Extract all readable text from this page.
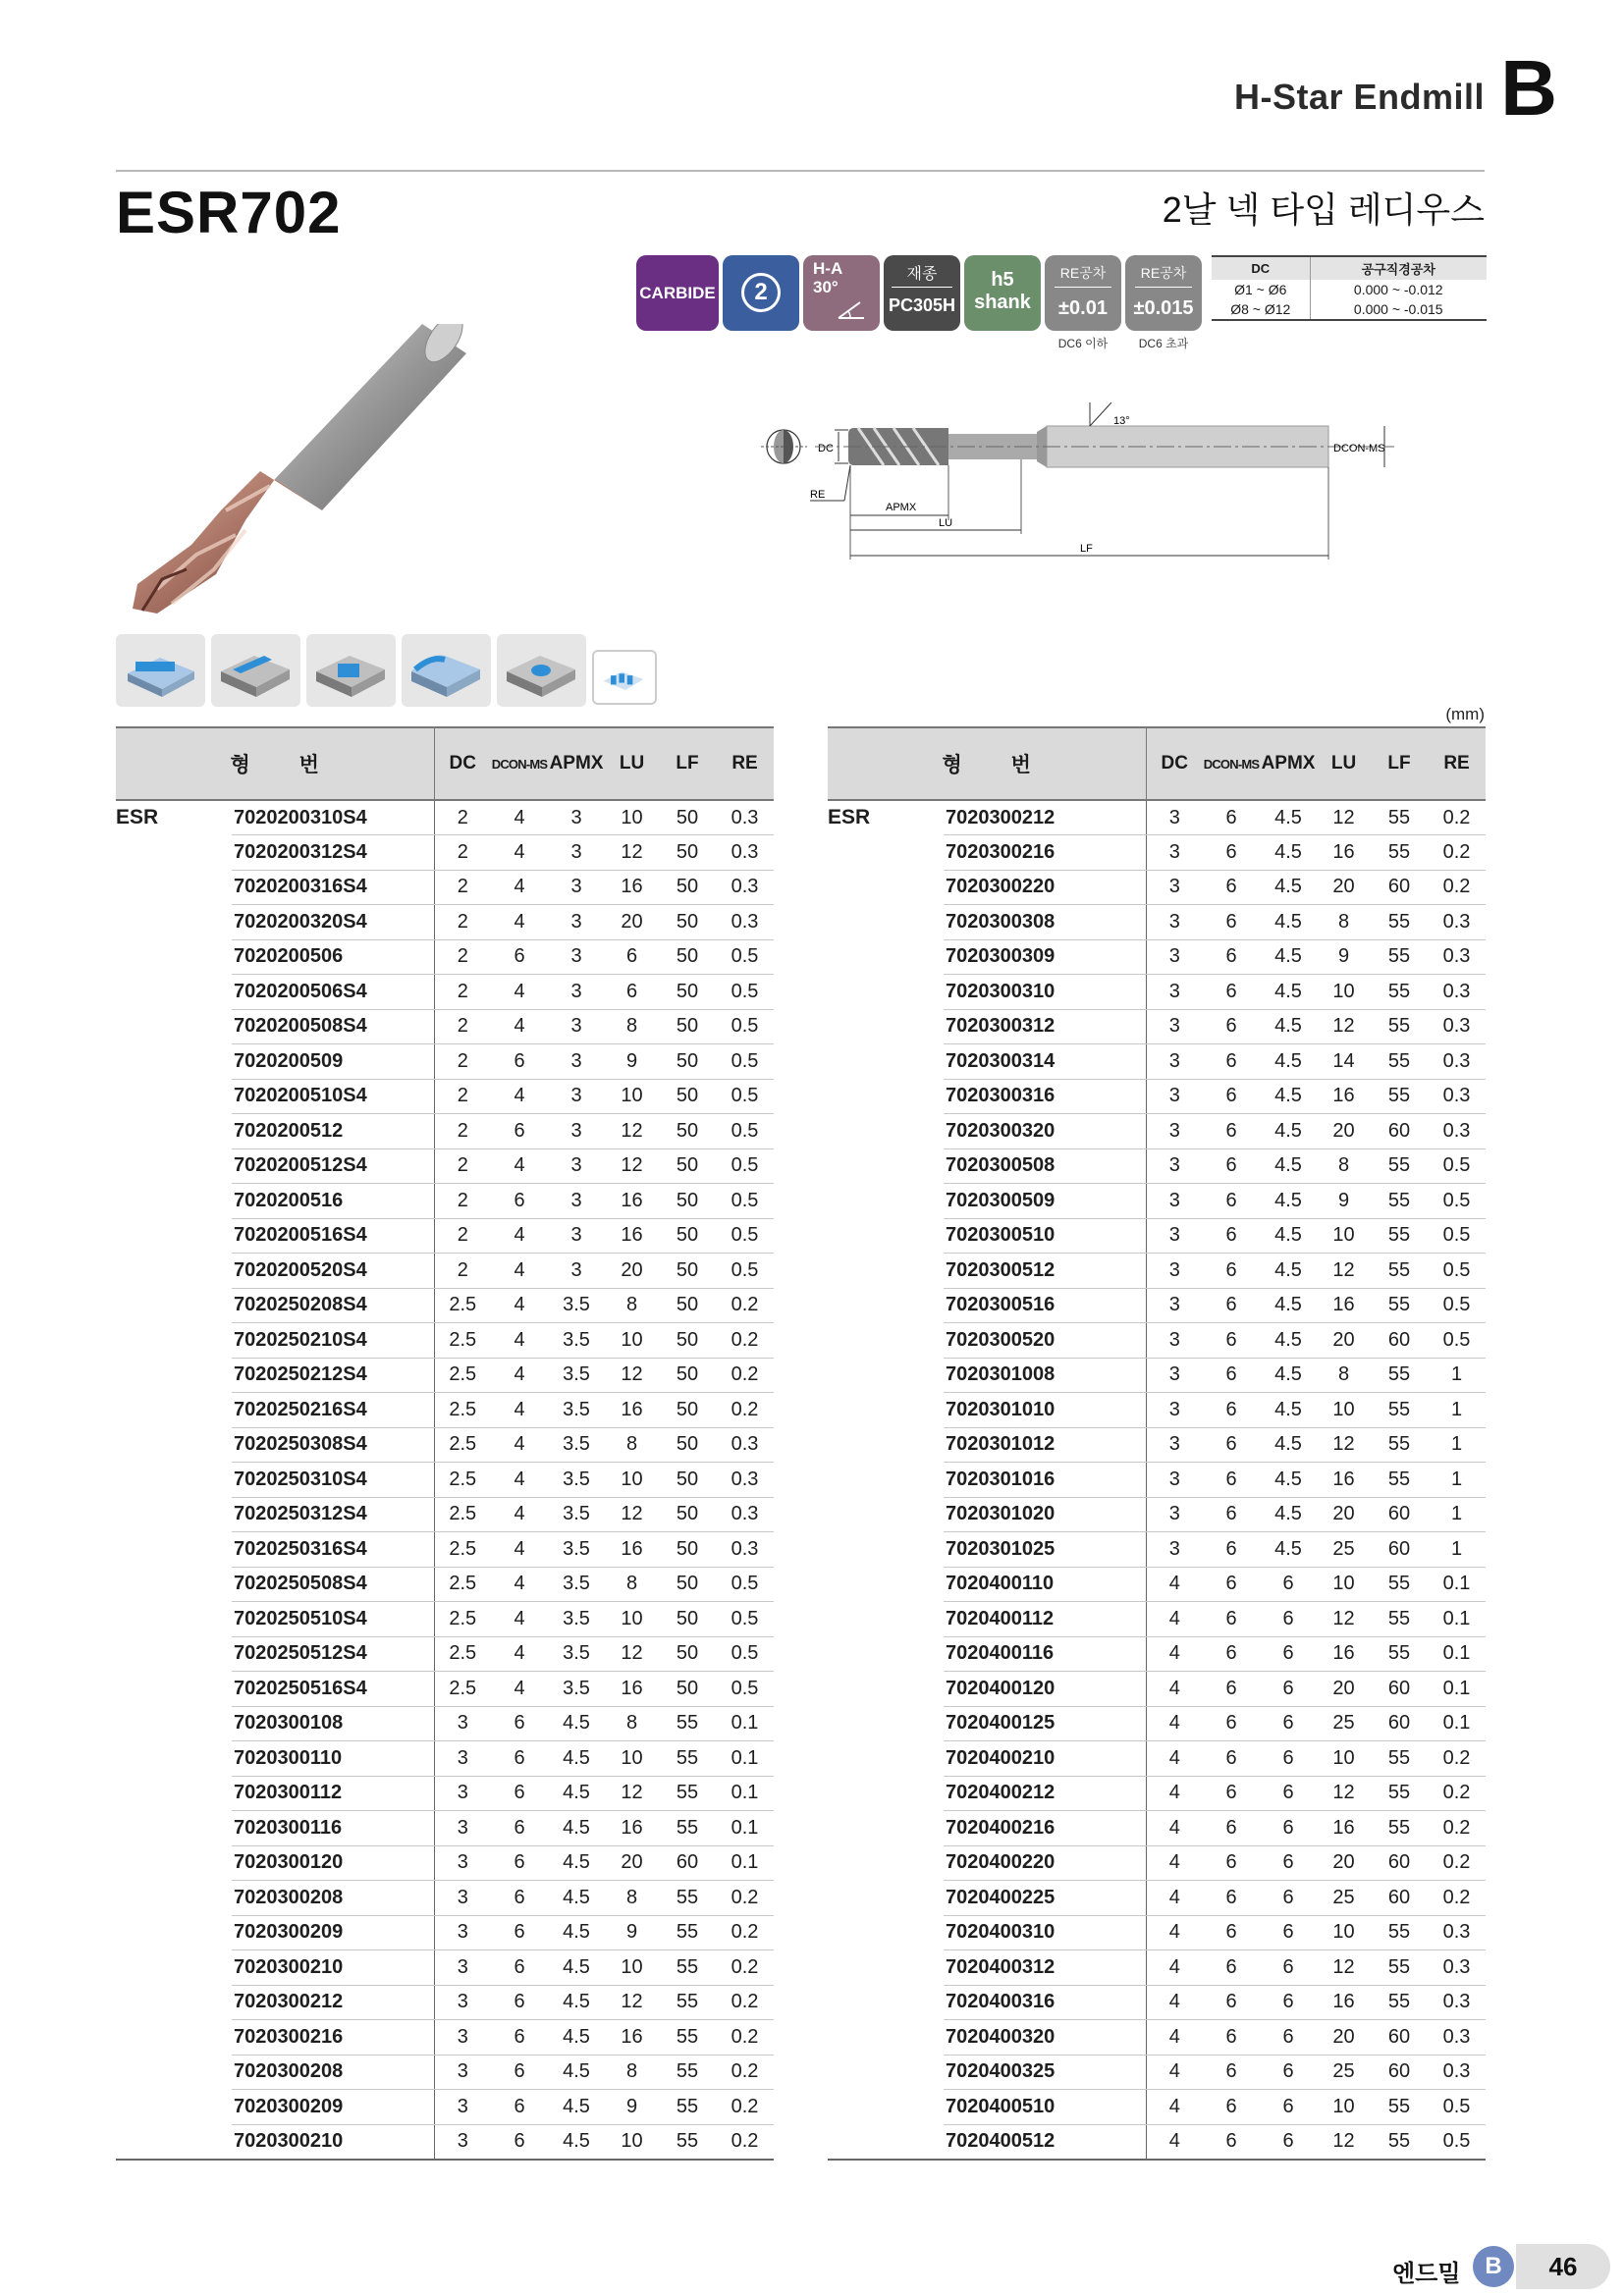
H-Star Endmill B
ESR702	2날 넥 타입 레디우스
CARBIDE	2
H-A
30°
재종
PC305H
h5
shank
RE공차
±0.01
RE공차
±0.015
DC6 이하	DC6 초과
DC	공구직경공차
Ø1 ~ Ø6	0.000 ~ -0.012
Ø8 ~ Ø12	0.000 ~ -0.015
DC
13°
DCON-MS
RE
APMX
LU
LF
(mm)
형 번		DC	DCON-MS	APMX	LU	LF	RE
ESR	7020200310S4	2	4	3	10	50	0.3
	7020200312S4	2	4	3	12	50	0.3
	7020200316S4	2	4	3	16	50	0.3
	7020200320S4	2	4	3	20	50	0.3
	7020200506	2	6	3	6	50	0.5
	7020200506S4	2	4	3	6	50	0.5
	7020200508S4	2	4	3	8	50	0.5
	7020200509	2	6	3	9	50	0.5
	7020200510S4	2	4	3	10	50	0.5
	7020200512	2	6	3	12	50	0.5
	7020200512S4	2	4	3	12	50	0.5
	7020200516	2	6	3	16	50	0.5
	7020200516S4	2	4	3	16	50	0.5
	7020200520S4	2	4	3	20	50	0.5
	7020250208S4	2.5	4	3.5	8	50	0.2
	7020250210S4	2.5	4	3.5	10	50	0.2
	7020250212S4	2.5	4	3.5	12	50	0.2
	7020250216S4	2.5	4	3.5	16	50	0.2
	7020250308S4	2.5	4	3.5	8	50	0.3
	7020250310S4	2.5	4	3.5	10	50	0.3
	7020250312S4	2.5	4	3.5	12	50	0.3
	7020250316S4	2.5	4	3.5	16	50	0.3
	7020250508S4	2.5	4	3.5	8	50	0.5
	7020250510S4	2.5	4	3.5	10	50	0.5
	7020250512S4	2.5	4	3.5	12	50	0.5
	7020250516S4	2.5	4	3.5	16	50	0.5
	7020300108	3	6	4.5	8	55	0.1
	7020300110	3	6	4.5	10	55	0.1
	7020300112	3	6	4.5	12	55	0.1
	7020300116	3	6	4.5	16	55	0.1
	7020300120	3	6	4.5	20	60	0.1
	7020300208	3	6	4.5	8	55	0.2
	7020300209	3	6	4.5	9	55	0.2
	7020300210	3	6	4.5	10	55	0.2
	7020300212	3	6	4.5	12	55	0.2
	7020300216	3	6	4.5	16	55	0.2
	7020300208	3	6	4.5	8	55	0.2
	7020300209	3	6	4.5	9	55	0.2
	7020300210	3	6	4.5	10	55	0.2
형 번		DC	DCON-MS	APMX	LU	LF	RE
ESR	7020300212	3	6	4.5	12	55	0.2
	7020300216	3	6	4.5	16	55	0.2
	7020300220	3	6	4.5	20	60	0.2
	7020300308	3	6	4.5	8	55	0.3
	7020300309	3	6	4.5	9	55	0.3
	7020300310	3	6	4.5	10	55	0.3
	7020300312	3	6	4.5	12	55	0.3
	7020300314	3	6	4.5	14	55	0.3
	7020300316	3	6	4.5	16	55	0.3
	7020300320	3	6	4.5	20	60	0.3
	7020300508	3	6	4.5	8	55	0.5
	7020300509	3	6	4.5	9	55	0.5
	7020300510	3	6	4.5	10	55	0.5
	7020300512	3	6	4.5	12	55	0.5
	7020300516	3	6	4.5	16	55	0.5
	7020300520	3	6	4.5	20	60	0.5
	7020301008	3	6	4.5	8	55	1
	7020301010	3	6	4.5	10	55	1
	7020301012	3	6	4.5	12	55	1
	7020301016	3	6	4.5	16	55	1
	7020301020	3	6	4.5	20	60	1
	7020301025	3	6	4.5	25	60	1
	7020400110	4	6	6	10	55	0.1
	7020400112	4	6	6	12	55	0.1
	7020400116	4	6	6	16	55	0.1
	7020400120	4	6	6	20	60	0.1
	7020400125	4	6	6	25	60	0.1
	7020400210	4	6	6	10	55	0.2
	7020400212	4	6	6	12	55	0.2
	7020400216	4	6	6	16	55	0.2
	7020400220	4	6	6	20	60	0.2
	7020400225	4	6	6	25	60	0.2
	7020400310	4	6	6	10	55	0.3
	7020400312	4	6	6	12	55	0.3
	7020400316	4	6	6	16	55	0.3
	7020400320	4	6	6	20	60	0.3
	7020400325	4	6	6	25	60	0.3
	7020400510	4	6	6	10	55	0.5
	7020400512	4	6	6	12	55	0.5
엔드밀	B	46
